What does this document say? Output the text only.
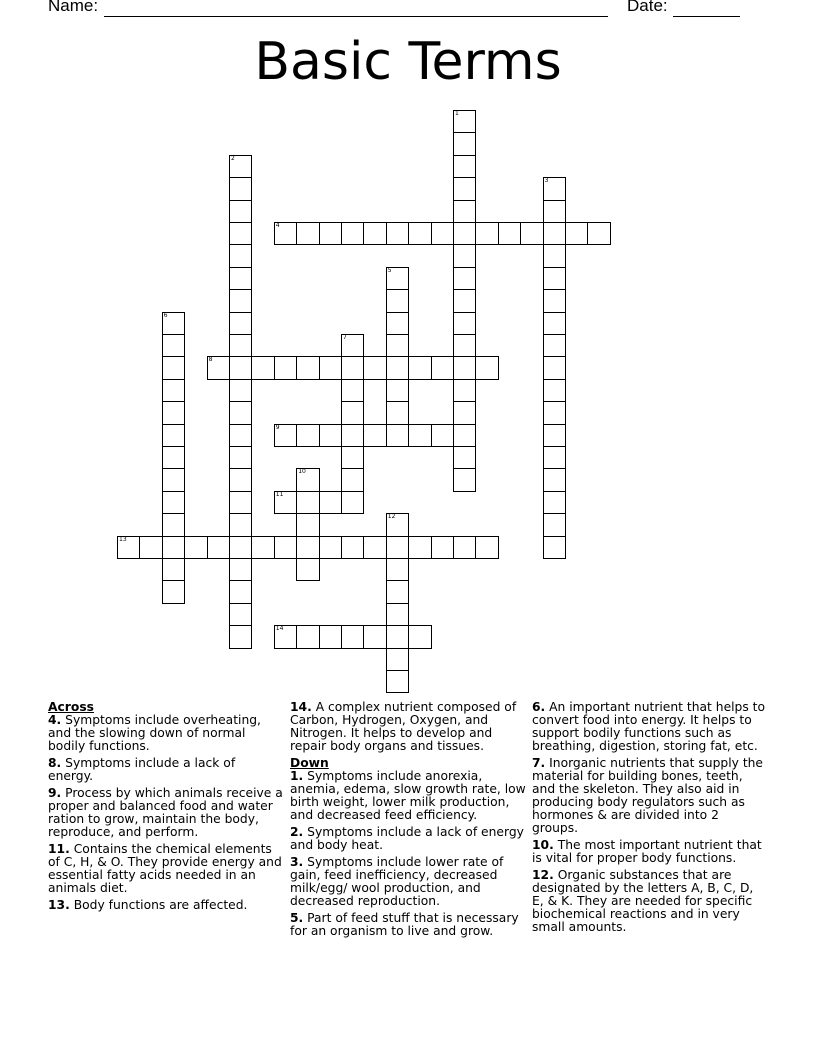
Name:	Date:
Basic Terms
1
2
3
4
5
6
7
8
9
10
11
12
13
14
Across
4. Symptoms include overheating, and the slowing down of normal bodily functions.
8. Symptoms include a lack of energy.
9. Process by which animals receive a proper and balanced food and water ration to grow, maintain the body, reproduce, and perform.
11. Contains the chemical elements of C, H, & O. They provide energy and essential fatty acids needed in an animals diet.
13. Body functions are affected.
14. A complex nutrient composed of Carbon, Hydrogen, Oxygen, and Nitrogen. It helps to develop and repair body organs and tissues.
Down
1. Symptoms include anorexia, anemia, edema, slow growth rate, low birth weight, lower milk production, and decreased feed efficiency.
2. Symptoms include a lack of energy and body heat.
3. Symptoms include lower rate of gain, feed inefficiency, decreased milk/egg/ wool production, and decreased reproduction.
5. Part of feed stuff that is necessary for an organism to live and grow.
6. An important nutrient that helps to convert food into energy. It helps to support bodily functions such as breathing, digestion, storing fat, etc.
7. Inorganic nutrients that supply the material for building bones, teeth, and the skeleton. They also aid in producing body regulators such as hormones & are divided into 2 groups.
10. The most important nutrient that is vital for proper body functions.
12. Organic substances that are designated by the letters A, B, C, D, E, & K. They are needed for specific biochemical reactions and in very small amounts.
